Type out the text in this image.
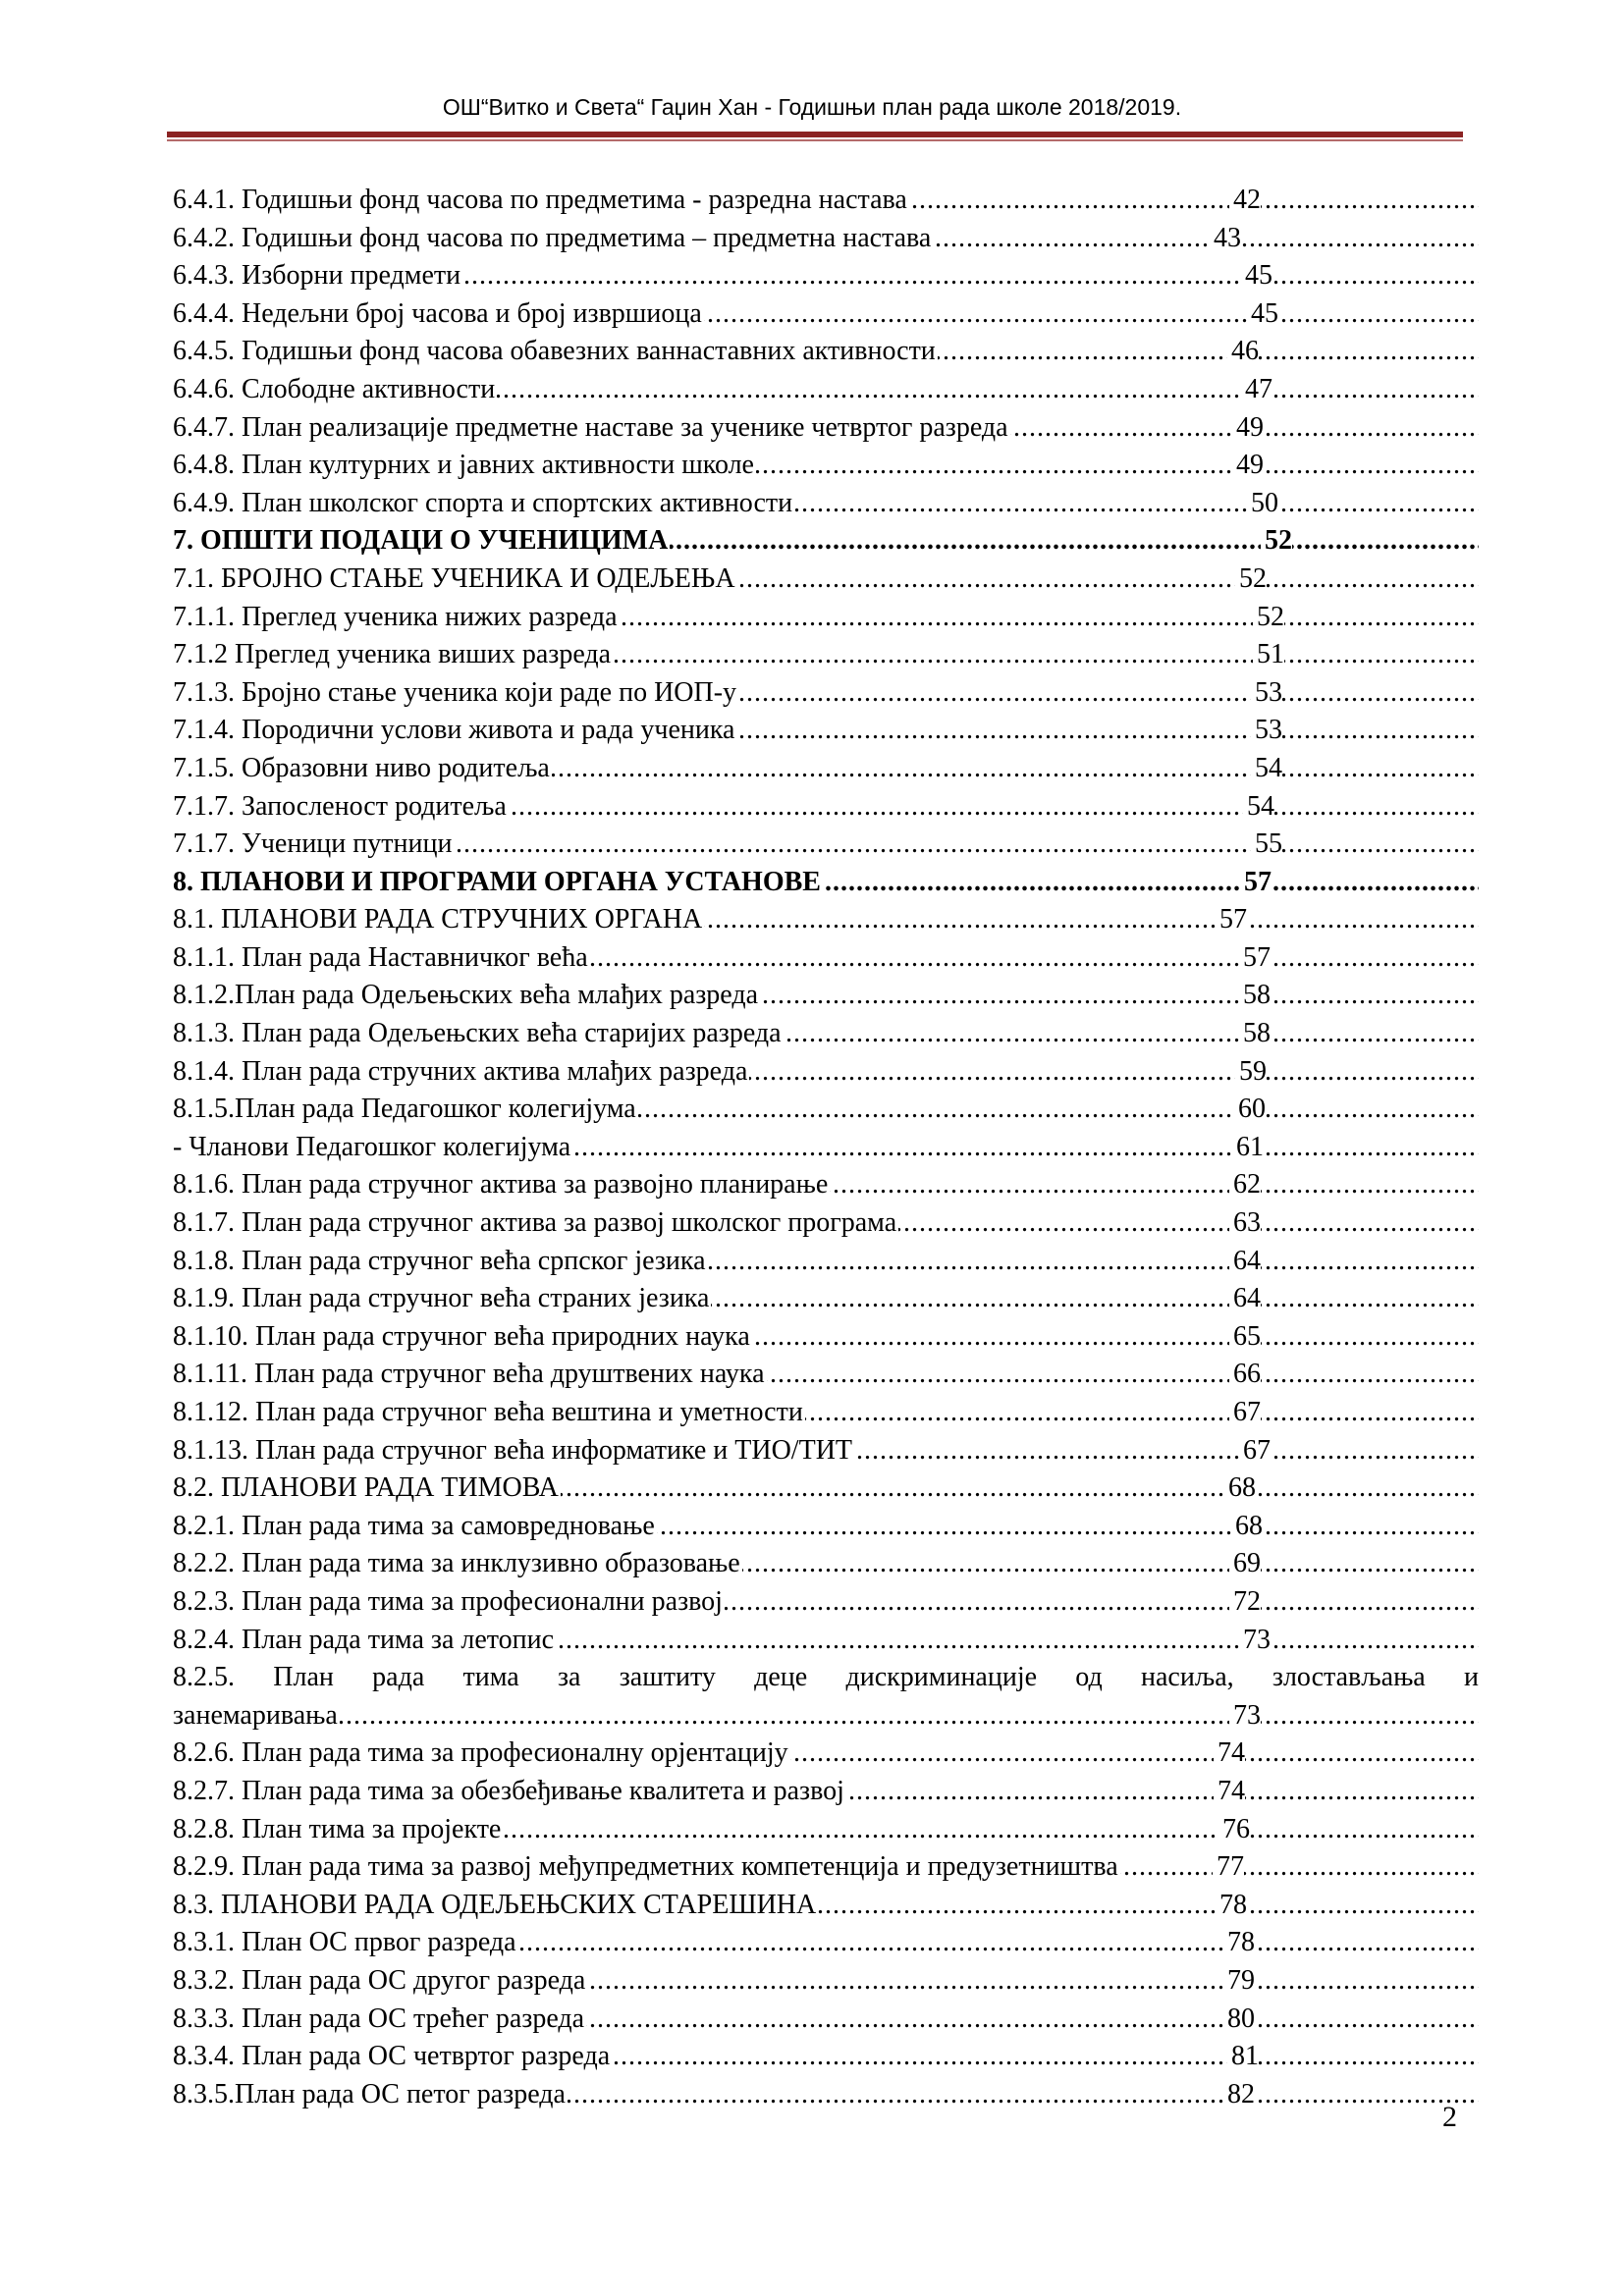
ОШ“Витко и Света“ Гаџин Хан - Годишњи план рада школе 2018/2019.
.....
6.4.1. Годишњи фонд часова по предметима - разредна настава	42
.....
6.4.2. Годишњи фонд часова по предметима – предметна настава	43
.....
6.4.3. Изборни предмети	45
.....
6.4.4. Недељни број часова и број извршиоца	45
.....
6.4.5. Годишњи фонд часова обавезних ваннаставних активности	46
.....
6.4.6. Слободне активности	47
.....
6.4.7. План реализације предметне наставе за ученике четвртог разреда	49
.....
6.4.8. План културних и јавних активности школе	49
.....
6.4.9. План школског спорта и спортских активности	50
.....
7. ОПШТИ ПОДАЦИ О УЧЕНИЦИМА	52
.....
7.1. БРОЈНО СТАЊЕ УЧЕНИКА И ОДЕЉЕЊА	52
.....
7.1.1. Преглед ученика нижих разреда	52
.....
7.1.2 Преглед ученика виших разреда	51
.....
7.1.3. Бројно стање ученика који раде по ИОП-у	53
.....
7.1.4. Породични услови живота и рада ученика	53
.....
7.1.5. Образовни ниво родитеља	54
.....
7.1.7. Запосленост родитеља	54
.....
7.1.7. Ученици путници	55
.....
8. ПЛАНОВИ И ПРОГРАМИ ОРГАНА УСТАНОВЕ	57
.....
8.1. ПЛАНОВИ РАДА СТРУЧНИХ ОРГАНА	57
.....
8.1.1. План рада Наставничког већа	57
.....
8.1.2.План рада Одељењских већа млађих разреда	58
.....
8.1.3. План рада Одељењских већа старијих разреда	58
.....
8.1.4. План рада стручних актива млађих разреда	59
.....
8.1.5.План рада Педагошког колегијума	60
.....
- Чланови Педагошког колегијума	61
.....
8.1.6. План рада стручног актива за развојно планирање	62
.....
8.1.7. План рада стручног актива за развој школског програма	63
.....
8.1.8. План рада стручног већа српског језика	64
.....
8.1.9. План рада стручног већа страних језика	64
.....
8.1.10. План рада стручног већа природних наука	65
.....
8.1.11. План рада стручног већа друштвених наука	66
.....
8.1.12. План рада стручног већа вештина и уметности	67
.....
8.1.13. План рада стручног већа информатике и ТИО/ТИТ	67
.....
8.2. ПЛАНОВИ РАДА ТИМОВА	68
.....
8.2.1. План рада тима за самовредновање	68
.....
8.2.2. План рада тима за инклузивно образовање	69
.....
8.2.3. План рада тима за професионални развој	72
.....
8.2.4. План рада тима за летопис	73
8.2.5. План рада тима за заштиту деце дискриминације од насиља, злостављања и
.....
занемаривања	73
.....
8.2.6. План рада тима за професионалну орјентацију	74
.....
8.2.7. План рада тима за обезбеђивање квалитета и развој	74
.....
8.2.8. План тима за пројекте	76
.....
8.2.9. План рада тима за развој међупредметних компетенција и предузетништва	77
.....
8.3. ПЛАНОВИ РАДА ОДЕЉЕЊСКИХ СТАРЕШИНА	78
.....
8.3.1. План ОС првог разреда	78
.....
8.3.2. План рада ОС другог разреда	79
.....
8.3.3. План рада ОС трећег разреда	80
.....
8.3.4. План рада ОС четвртог разреда	81
.....
8.3.5.План рада ОС петог разреда	82
2
